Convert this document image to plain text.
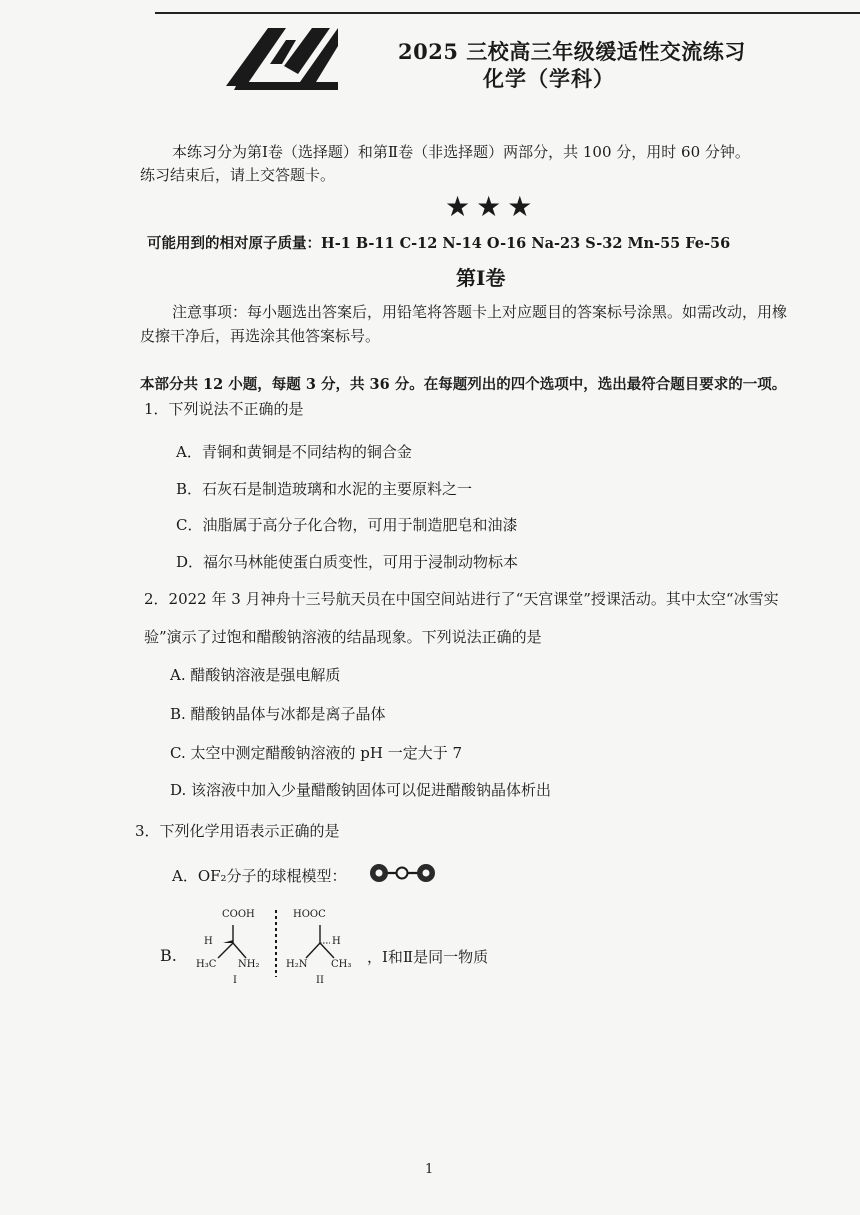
2025 三校高三年级缓适性交流练习
化学（学科）
本练习分为第Ⅰ卷（选择题）和第Ⅱ卷（非选择题）两部分，共 100 分，用时 60 分钟。
练习结束后，请上交答题卡。
★★★
可能用到的相对原子质量：H-1 B-11 C-12 N-14 O-16 Na-23 S-32 Mn-55 Fe-56
第Ⅰ卷
注意事项：每小题选出答案后，用铅笔将答题卡上对应题目的答案标号涂黑。如需改动，用橡
皮擦干净后，再选涂其他答案标号。
本部分共 12 小题，每题 3 分，共 36 分。在每题列出的四个选项中，选出最符合题目要求的一项。
1．下列说法不正确的是
A．青铜和黄铜是不同结构的铜合金
B．石灰石是制造玻璃和水泥的主要原料之一
C．油脂属于高分子化合物，可用于制造肥皂和油漆
D．福尔马林能使蛋白质变性，可用于浸制动物标本
2．2022 年 3 月神舟十三号航天员在中国空间站进行了“天宫课堂”授课活动。其中太空“冰雪实
验”演示了过饱和醋酸钠溶液的结晶现象。下列说法正确的是
A. 醋酸钠溶液是强电解质
B. 醋酸钠晶体与冰都是离子晶体
C. 太空中测定醋酸钠溶液的 pH 一定大于 7
D. 该溶液中加入少量醋酸钠固体可以促进醋酸钠晶体析出
3．下列化学用语表示正确的是
A．OF₂分子的球棍模型：
B.
COOH
H
H₃C NH₂
I
HOOC
H
H₂N CH₃
II
，Ⅰ和Ⅱ是同一物质
1
